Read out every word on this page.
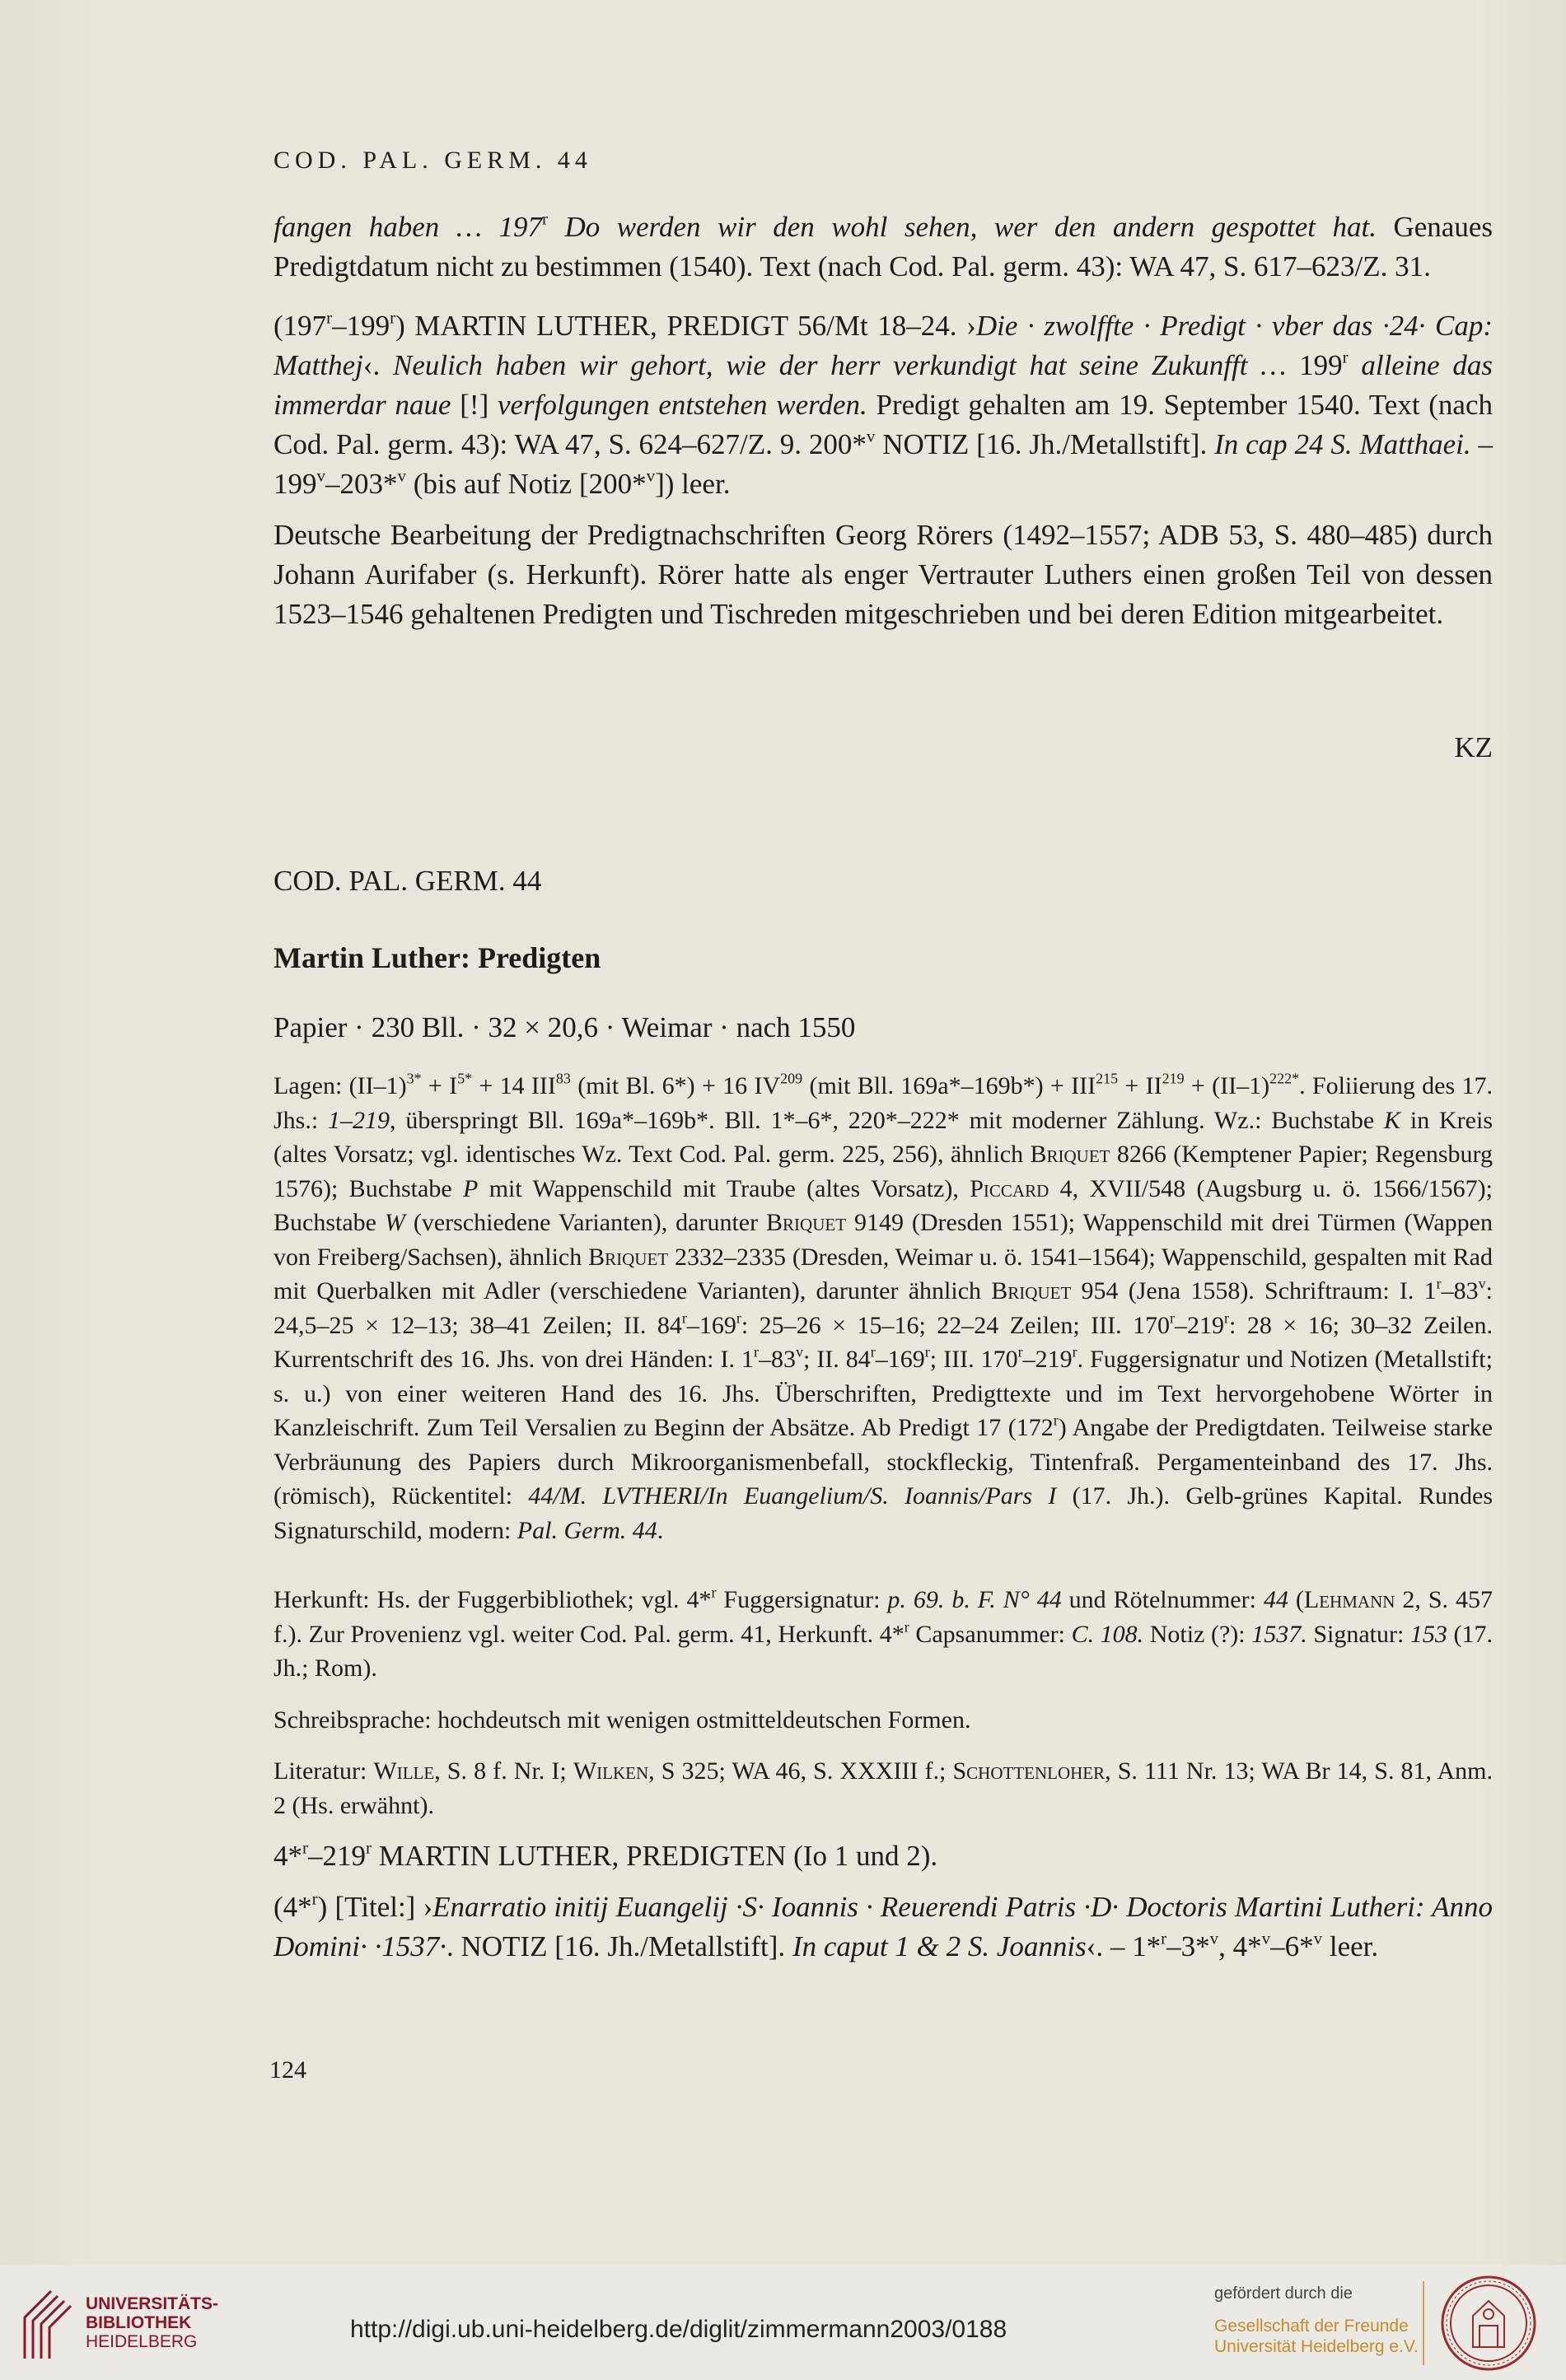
COD. PAL. GERM. 44

fangen haben … 197$^r$ Do werden wir den wohl sehen, wer den andern gespottet hat. Genaues Predigtdatum nicht zu bestimmen (1540). Text (nach Cod. Pal. germ. 43): WA 47, S. 617–623/Z. 31.

(197$^r$–199$^r$) MARTIN LUTHER, PREDIGT 56/Mt 18–24. ›Die · zwolffte · Predigt · vber das ·24· Cap: Matthej‹. Neulich haben wir gehort, wie der herr verkundigt hat seine Zukunfft … 199$^r$ alleine das immerdar naue [!] verfolgungen entstehen werden. Predigt gehalten am 19. September 1540. Text (nach Cod. Pal. germ. 43): WA 47, S. 624–627/Z. 9. 200*$^v$ NOTIZ [16. Jh./Metallstift]. In cap 24 S. Matthaei. – 199$^v$–203*$^v$ (bis auf Notiz [200*$^v$]) leer.

Deutsche Bearbeitung der Predigtnachschriften Georg Rörers (1492–1557; ADB 53, S. 480–485) durch Johann Aurifaber (s. Herkunft). Rörer hatte als enger Vertrauter Luthers einen großen Teil von dessen 1523–1546 gehaltenen Predigten und Tischreden mitgeschrieben und bei deren Edition mitgearbeitet.

KZ
COD. PAL. GERM. 44
Martin Luther: Predigten
Papier · 230 Bll. · 32 × 20,6 · Weimar · nach 1550

Lagen: $(II-1)^{3*} + I^{5*} + 14$ III$^{83}$ (mit Bl. 6*) + 16 IV$^{209}$ (mit Bll. $169a*-169b*) + III^{215} + II^{219} + (II-1)^{222*}$. Foliierung des 17. Jhs.: 1–219, überspringt Bll. 169a*–169b*. Bll. 1*–6*, 220*–222* mit moderner Zählung. Wz.: Buchstabe K in Kreis (altes Vorsatz; vgl. identisches Wz. Text Cod. Pal. germ. 225, 256), ähnlich Briquet 8266 (Kemptener Papier; Regensburg 1576); Buchstabe P mit Wappenschild mit Traube (altes Vorsatz), Piccard 4, XVII/548 (Augsburg u. ö. 1566/1567); Buchstabe W (verschiedene Varianten), darunter Briquet 9149 (Dresden 1551); Wappenschild mit drei Türmen (Wappen von Freiberg/Sachsen), ähnlich Briquet 2332–2335 (Dresden, Weimar u. ö. 1541–1564); Wappenschild, gespalten mit Rad mit Querbalken mit Adler (verschiedene Varianten), darunter ähnlich Briquet 954 (Jena 1558). Schriftraum: I. 1$^r$–83$^v$: 24,5–25 × 12–13; 38–41 Zeilen; II. 84$^r$–169$^r$: 25–26 × 15–16; 22–24 Zeilen; III. 170$^r$–219$^r$: 28 × 16; 30–32 Zeilen. Kurrentschrift des 16. Jhs. von drei Händen: I. 1$^r$–83$^v$; II. 84$^r$–169$^r$; III. 170$^r$–219$^r$. Fuggersignatur und Notizen (Metallstift; s. u.) von einer weiteren Hand des 16. Jhs. Überschriften, Predigttexte und im Text hervorgehobene Wörter in Kanzleischrift. Zum Teil Versalien zu Beginn der Absätze. Ab Predigt 17 (172$^r$) Angabe der Predigtdaten. Teilweise starke Verbräunung des Papiers durch Mikroorganismenbefall, stockfleckig, Tintenfraß. Pergamenteinband des 17. Jhs. (römisch), Rückentitel: 44/M. LVTHERI/In Euangelium/S. Ioannis/Pars I (17. Jh.). Gelb-grünes Kapital. Rundes Signaturschild, modern: Pal. Germ. 44.

Herkunft: Hs. der Fuggerbibliothek; vgl. 4*$^r$ Fuggersignatur: p. 69. b. F. N° 44 und Rötelnummer: 44 (Lehmann 2, S. 457 f.). Zur Provenienz vgl. weiter Cod. Pal. germ. 41, Herkunft. 4*$^r$ Capsanummer: C. 108. Notiz (?): 1537. Signatur: 153 (17. Jh.; Rom).

Schreibsprache: hochdeutsch mit wenigen ostmitteldeutschen Formen.

Literatur: Wille, S. 8 f. Nr. I; Wilken, S 325; WA 46, S. XXXIII f.; Schottenloher, S. 111 Nr. 13; WA Br 14, S. 81, Anm. 2 (Hs. erwähnt).

4*$^r$–219$^r$ MARTIN LUTHER, PREDIGTEN (Io 1 und 2).

(4*$^r$) [Titel:] ›Enarratio initij Euangelij ·S· Ioannis · Reuerendi Patris ·D· Doctoris Martini Lutheri: Anno Domini· ·1537·. NOTIZ [16. Jh./Metallstift]. In caput 1 & 2 S. Joannis‹. – 1*$^r$–3*$^v$, 4*$^v$–6*$^v$ leer.

124
UNIVERSITÄTS-
BIBLIOTHEK
HEIDELBERG	http://digi.ub.uni-heidelberg.de/diglit/zimmermann2003/0188
gefördert durch die
Gesellschaft der Freunde
Universität Heidelberg e.V.
